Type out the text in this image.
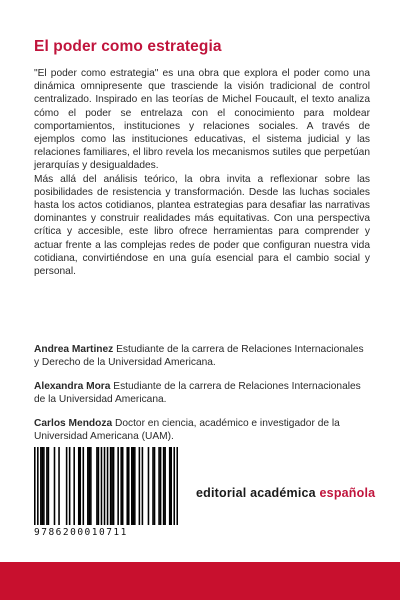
El poder como estrategia

"El poder como estrategia" es una obra que explora el poder como una dinámica omnipresente que trasciende la visión tradicional de control centralizado. Inspirado en las teorías de Michel Foucault, el texto analiza cómo el poder se entrelaza con el conocimiento para moldear comportamientos, instituciones y relaciones sociales. A través de ejemplos como las instituciones educativas, el sistema judicial y las relaciones familiares, el libro revela los mecanismos sutiles que perpetúan jerarquías y desigualdades.

Más allá del análisis teórico, la obra invita a reflexionar sobre las posibilidades de resistencia y transformación. Desde las luchas sociales hasta los actos cotidianos, plantea estrategias para desafiar las narrativas dominantes y construir realidades más equitativas. Con una perspectiva crítica y accesible, este libro ofrece herramientas para comprender y actuar frente a las complejas redes de poder que configuran nuestra vida cotidiana, convirtiéndose en una guía esencial para el cambio social y personal.

Andrea Martinez Estudiante de la carrera de Relaciones Internacionales y Derecho de la Universidad Americana.

Alexandra Mora Estudiante de la carrera de Relaciones Internacionales de la Universidad Americana.

Carlos Mendoza Doctor en ciencia, académico e investigador de la Universidad Americana (UAM).

9786200010711
editorial académica española
